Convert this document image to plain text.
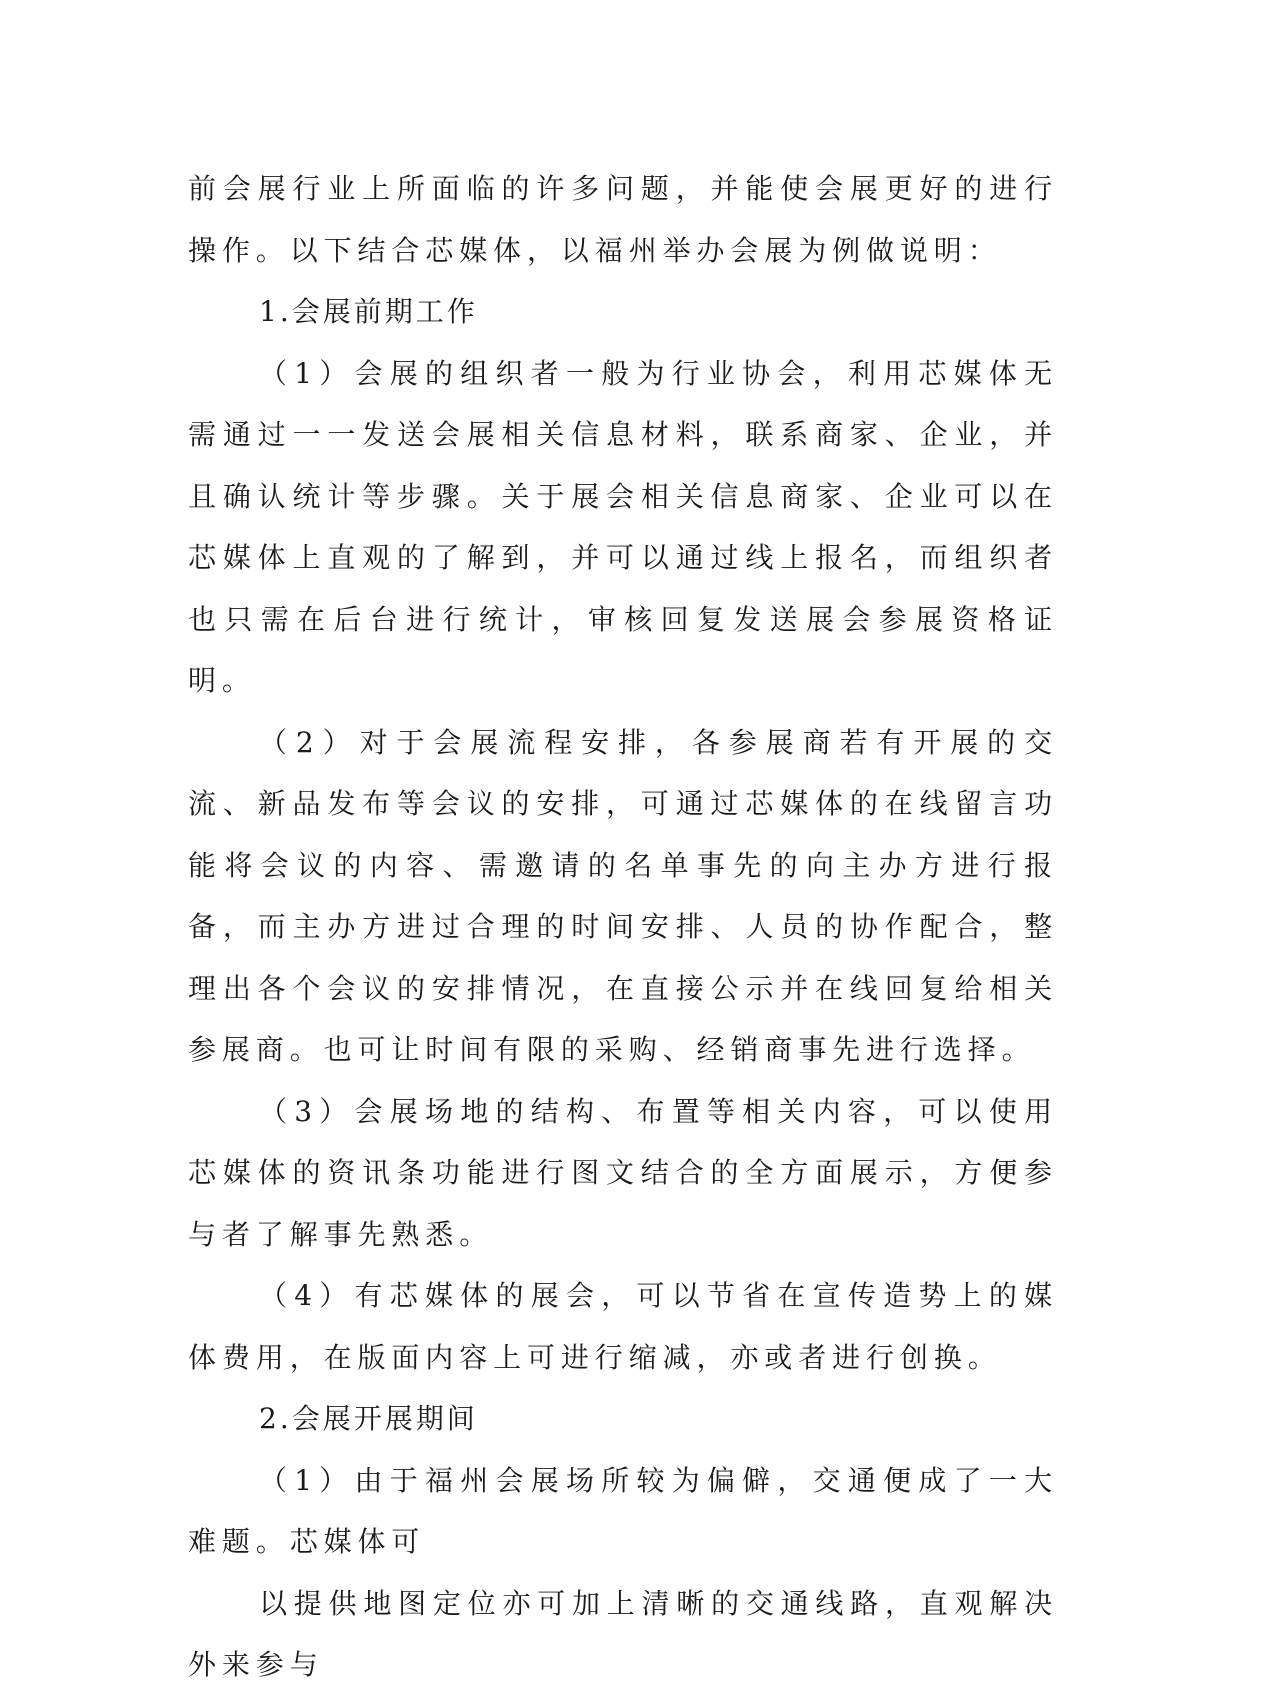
前会展行业上所面临的许多问题，并能使会展更好的进行操作。以下结合芯媒体，以福州举办会展为例做说明：

1.会展前期工作

（1）会展的组织者一般为行业协会，利用芯媒体无需通过一一发送会展相关信息材料，联系商家、企业，并且确认统计等步骤。关于展会相关信息商家、企业可以在芯媒体上直观的了解到，并可以通过线上报名，而组织者也只需在后台进行统计，审核回复发送展会参展资格证明。

（2）对于会展流程安排，各参展商若有开展的交流、新品发布等会议的安排，可通过芯媒体的在线留言功能将会议的内容、需邀请的名单事先的向主办方进行报备，而主办方进过合理的时间安排、人员的协作配合，整理出各个会议的安排情况，在直接公示并在线回复给相关参展商。也可让时间有限的采购、经销商事先进行选择。

（3）会展场地的结构、布置等相关内容，可以使用芯媒体的资讯条功能进行图文结合的全方面展示，方便参与者了解事先熟悉。

（4）有芯媒体的展会，可以节省在宣传造势上的媒体费用，在版面内容上可进行缩减，亦或者进行创换。

2.会展开展期间

（1）由于福州会展场所较为偏僻，交通便成了一大难题。芯媒体可

以提供地图定位亦可加上清晰的交通线路，直观解决外来参与
